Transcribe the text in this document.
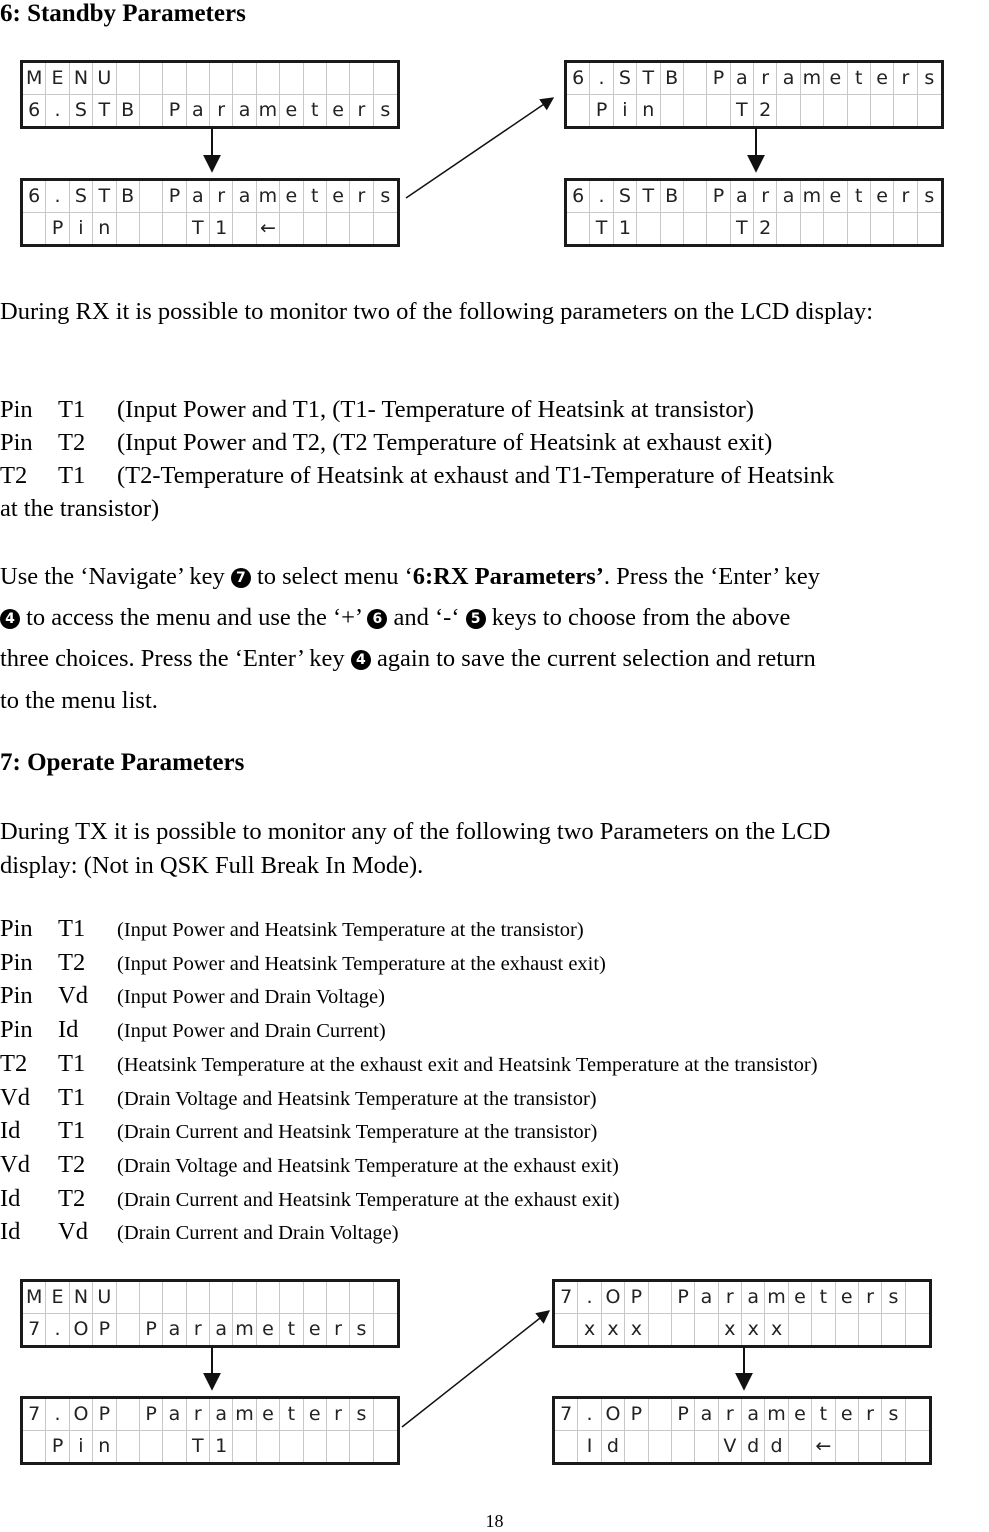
6: Standby Parameters
M E N U
6 . S T B P a r a m e t e r s
6 . S T B P a r a m e t e r s
P i n	T 1	←
6 . S T B P a r a m e t e r s
P i n	T 2
6 . S T B P a r a m e t e r s
T 1	T 2
During RX it is possible to monitor two of the following parameters on the LCD display:
Pin T1 (Input Power and T1, (T1- Temperature of Heatsink at transistor)
Pin T2 (Input Power and T2, (T2 Temperature of Heatsink at exhaust exit)
T2 T1 (T2-Temperature of Heatsink at exhaust and T1-Temperature of Heatsink
at the transistor)
Use the ‘Navigate’ key 7 to select menu ‘6:RX Parameters’. Press the ‘Enter’ key
4 to access the menu and use the ‘+’ 6 and ‘-‘ 5 keys to choose from the above
three choices. Press the ‘Enter’ key 4 again to save the current selection and return
to the menu list.
7: Operate Parameters
During TX it is possible to monitor any of the following two Parameters on the LCD
display: (Not in QSK Full Break In Mode).
Pin T1 (Input Power and Heatsink Temperature at the transistor)
Pin T2 (Input Power and Heatsink Temperature at the exhaust exit)
Pin Vd (Input Power and Drain Voltage)
Pin Id (Input Power and Drain Current)
T2 T1 (Heatsink Temperature at the exhaust exit and Heatsink Temperature at the transistor)
Vd T1 (Drain Voltage and Heatsink Temperature at the transistor)
Id T1 (Drain Current and Heatsink Temperature at the transistor)
Vd T2 (Drain Voltage and Heatsink Temperature at the exhaust exit)
Id T2 (Drain Current and Heatsink Temperature at the exhaust exit)
Id Vd (Drain Current and Drain Voltage)
M E N U
7 . O P	P a r a m e t e r s
7 . O P	P a r a m e t e r s
P i n	T 1
7 . O P	P a r a m e t e r s
x x x	x x x
7 . O P	P a r a m e t e r s
I d	V d d	←
18
